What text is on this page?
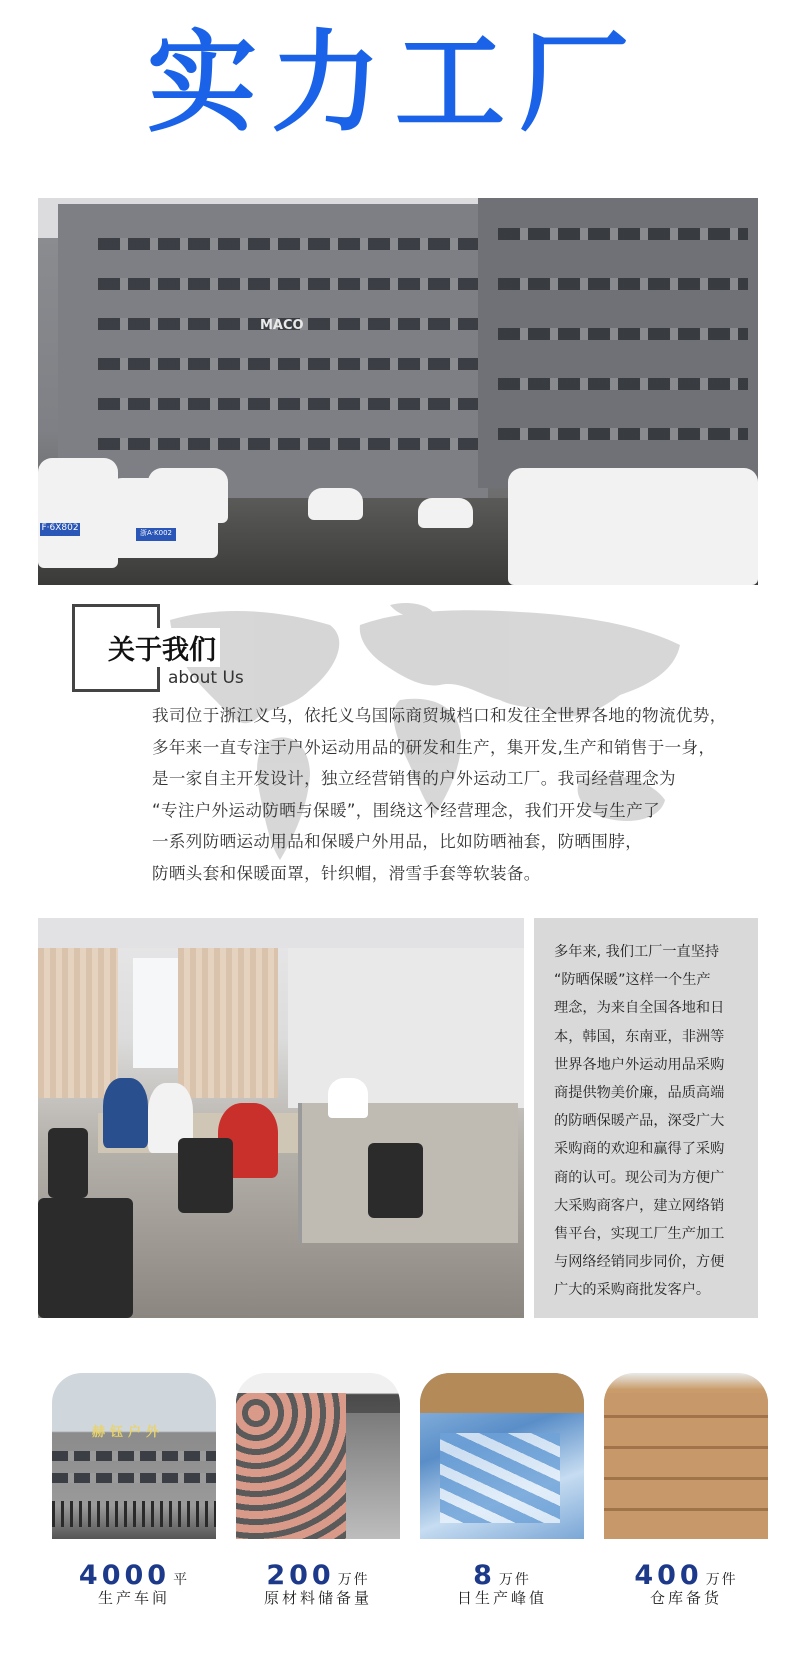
实力工厂
MACO
F·6X802	浙A·K002
关于我们
about Us

我司位于浙江义乌，依托义乌国际商贸城档口和发往全世界各地的物流优势，

多年来一直专注于户外运动用品的研发和生产，集开发,生产和销售于一身，

是一家自主开发设计，独立经营销售的户外运动工厂。我司经营理念为

“专注户外运动防晒与保暖”，围绕这个经营理念，我们开发与生产了

一系列防晒运动用品和保暖户外用品，比如防晒袖套，防晒围脖，

防晒头套和保暖面罩，针织帽，滑雪手套等软装备。

多年来, 我们工厂一直坚持

“防晒保暖”这样一个生产

理念，为来自全国各地和日

本，韩国，东南亚，非洲等

世界各地户外运动用品采购

商提供物美价廉，品质高端

的防晒保暖产品，深受广大

采购商的欢迎和赢得了采购

商的认可。现公司为方便广

大采购商客户，建立网络销

售平台，实现工厂生产加工

与网络经销同步同价，方便

广大的采购商批发客户。

赫钰户外
4000 平
生产车间
200 万件
原材料储备量
8 万件
日生产峰值
400 万件
仓库备货
